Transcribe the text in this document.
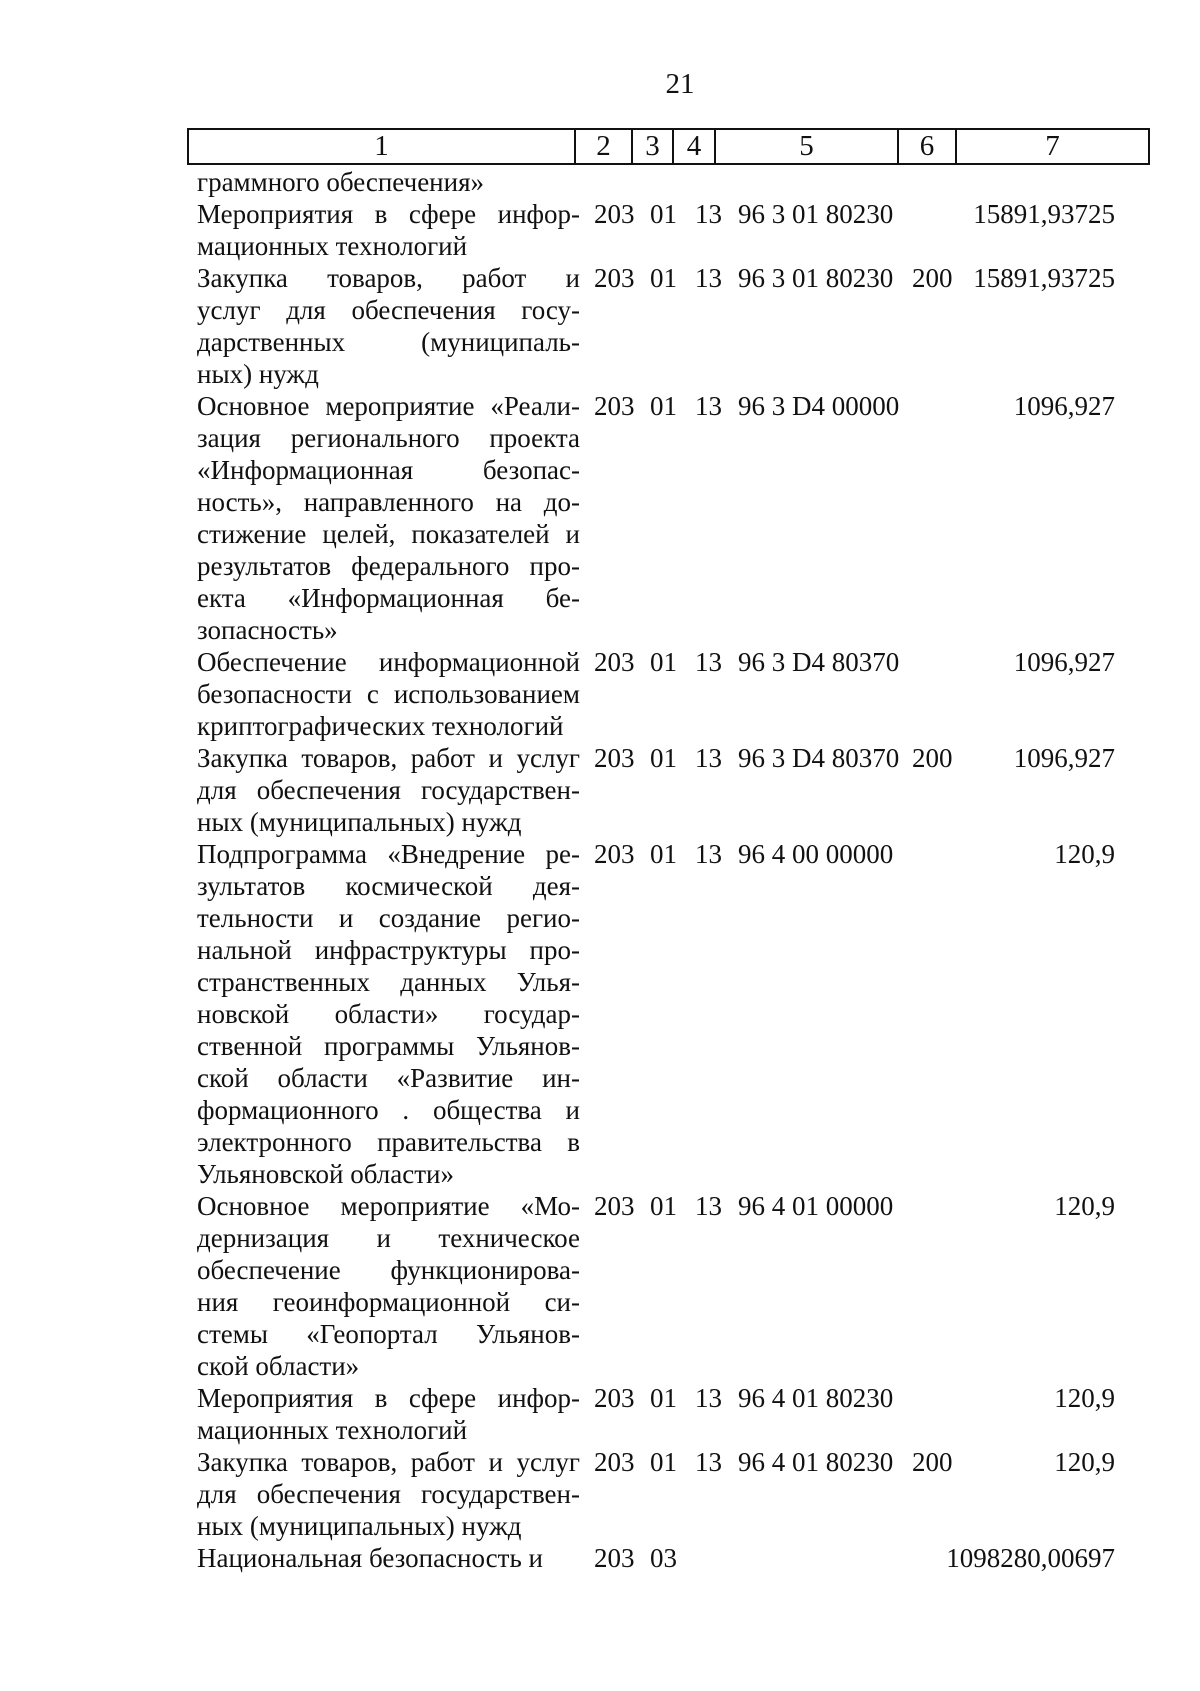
21
1	2	3	4	5	6	7
граммного обеспечения»
Мероприятия в сфере инфор-
мационных технологий
203 01 13 96 3 01 80230	15891,93725
Закупка товаров, работ и
услуг для обеспечения госу-
дарственных (муниципаль-
ных) нужд
203 01 13 96 3 01 80230 200 15891,93725
Основное мероприятие «Реали-
зация регионального проекта
«Информационная безопас-
ность», направленного на до-
стижение целей, показателей и
результатов федерального про-
екта «Информационная бе-
зопасность»
203 01 13 96 3 D4 00000	1096,927
Обеспечение информационной
безопасности с использованием
криптографических технологий
203 01 13 96 3 D4 80370	1096,927
Закупка товаров, работ и услуг
для обеспечения государствен-
ных (муниципальных) нужд
203 01 13 96 3 D4 80370 200 1096,927
Подпрограмма «Внедрение ре-
зультатов космической дея-
тельности и создание регио-
нальной инфраструктуры про-
странственных данных Улья-
новской области» государ-
ственной программы Ульянов-
ской области «Развитие ин-
формационного . общества и
электронного правительства в
Ульяновской области»
203 01 13 96 4 00 00000	120,9
Основное мероприятие «Мо-
дернизация и техническое
обеспечение функционирова-
ния геоинформационной си-
стемы «Геопортал Ульянов-
ской области»
203 01 13 96 4 01 00000	120,9
Мероприятия в сфере инфор-
мационных технологий
203 01 13 96 4 01 80230	120,9
Закупка товаров, работ и услуг
для обеспечения государствен-
ных (муниципальных) нужд
203 01 13 96 4 01 80230 200	120,9
Национальная безопасность и	203 03	1098280,00697
